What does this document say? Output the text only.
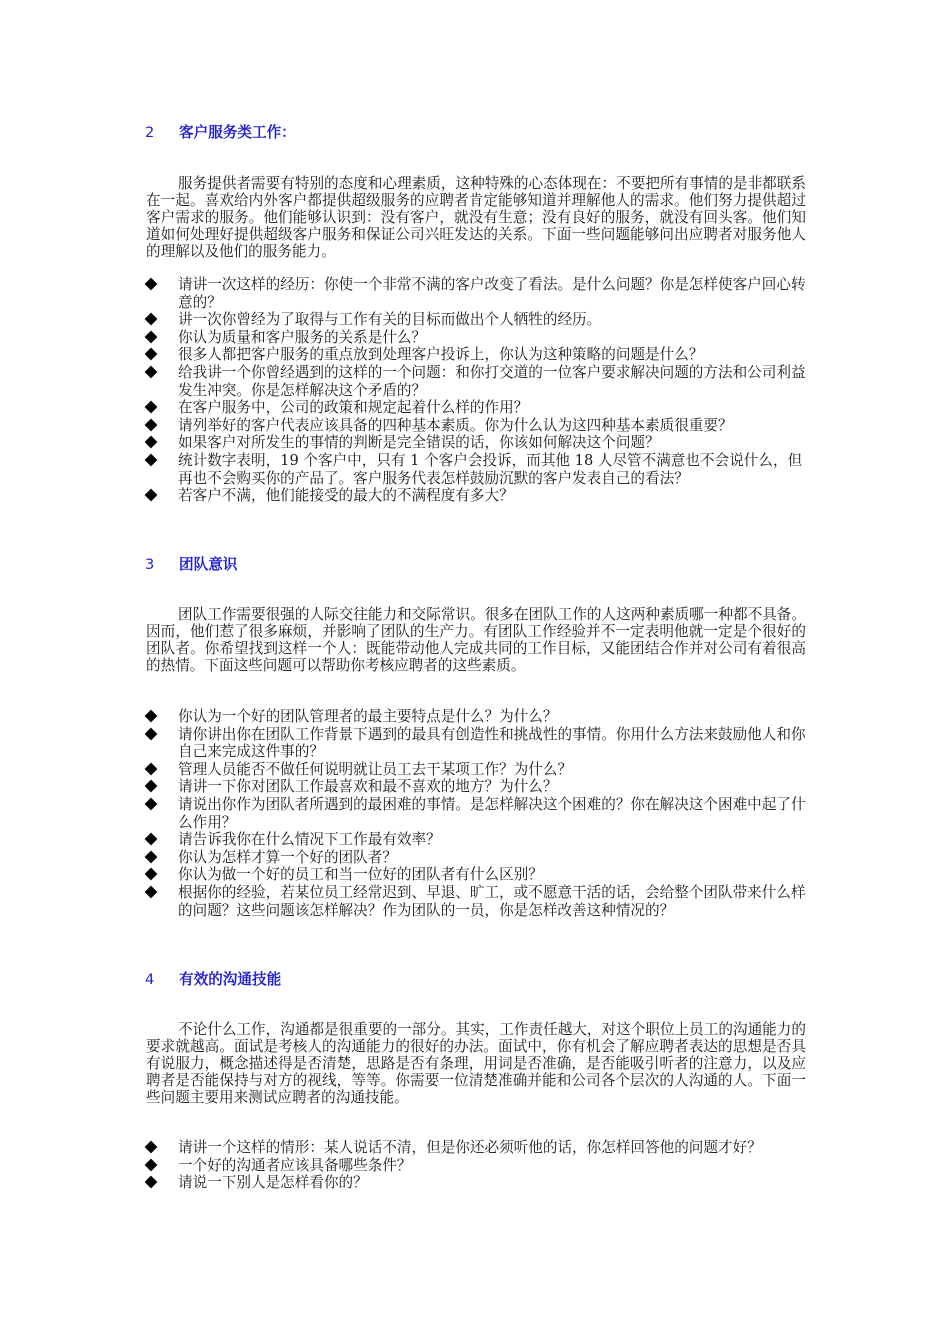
2 客户服务类工作：

服务提供者需要有特别的态度和心理素质，这种特殊的心态体现在：不要把所有事情的是非都联系在一起。喜欢给内外客户都提供超级服务的应聘者肯定能够知道并理解他人的需求。他们努力提供超过客户需求的服务。他们能够认识到：没有客户，就没有生意；没有良好的服务，就没有回头客。他们知道如何处理好提供超级客户服务和保证公司兴旺发达的关系。下面一些问题能够问出应聘者对服务他人的理解以及他们的服务能力。

请讲一次这样的经历：你使一个非常不满的客户改变了看法。是什么问题？你是怎样使客户回心转意的？
讲一次你曾经为了取得与工作有关的目标而做出个人牺牲的经历。
你认为质量和客户服务的关系是什么？
很多人都把客户服务的重点放到处理客户投诉上，你认为这种策略的问题是什么？
给我讲一个你曾经遇到的这样的一个问题：和你打交道的一位客户要求解决问题的方法和公司利益发生冲突。你是怎样解决这个矛盾的？
在客户服务中，公司的政策和规定起着什么样的作用？
请列举好的客户代表应该具备的四种基本素质。你为什么认为这四种基本素质很重要？
如果客户对所发生的事情的判断是完全错误的话，你该如何解决这个问题？
统计数字表明，19 个客户中，只有 1 个客户会投诉，而其他 18 人尽管不满意也不会说什么，但再也不会购买你的产品了。客户服务代表怎样鼓励沉默的客户发表自己的看法？
若客户不满，他们能接受的最大的不满程度有多大？
3 团队意识

团队工作需要很强的人际交往能力和交际常识。很多在团队工作的人这两种素质哪一种都不具备。因而，他们惹了很多麻烦，并影响了团队的生产力。有团队工作经验并不一定表明他就一定是个很好的团队者。你希望找到这样一个人：既能带动他人完成共同的工作目标，又能团结合作并对公司有着很高的热情。下面这些问题可以帮助你考核应聘者的这些素质。

你认为一个好的团队管理者的最主要特点是什么？为什么？
请你讲出你在团队工作背景下遇到的最具有创造性和挑战性的事情。你用什么方法来鼓励他人和你自己来完成这件事的？
管理人员能否不做任何说明就让员工去干某项工作？为什么？
请讲一下你对团队工作最喜欢和最不喜欢的地方？为什么？
请说出你作为团队者所遇到的最困难的事情。是怎样解决这个困难的？你在解决这个困难中起了什么作用？
请告诉我你在什么情况下工作最有效率？
你认为怎样才算一个好的团队者？
你认为做一个好的员工和当一位好的团队者有什么区别？
根据你的经验，若某位员工经常迟到、早退、旷工，或不愿意干活的话，会给整个团队带来什么样的问题？这些问题该怎样解决？作为团队的一员，你是怎样改善这种情况的？
4 有效的沟通技能

不论什么工作，沟通都是很重要的一部分。其实，工作责任越大，对这个职位上员工的沟通能力的要求就越高。面试是考核人的沟通能力的很好的办法。面试中，你有机会了解应聘者表达的思想是否具有说服力，概念描述得是否清楚，思路是否有条理，用词是否准确，是否能吸引听者的注意力，以及应聘者是否能保持与对方的视线，等等。你需要一位清楚准确并能和公司各个层次的人沟通的人。下面一些问题主要用来测试应聘者的沟通技能。

请讲一个这样的情形：某人说话不清，但是你还必须听他的话，你怎样回答他的问题才好？
一个好的沟通者应该具备哪些条件？
请说一下别人是怎样看你的？
